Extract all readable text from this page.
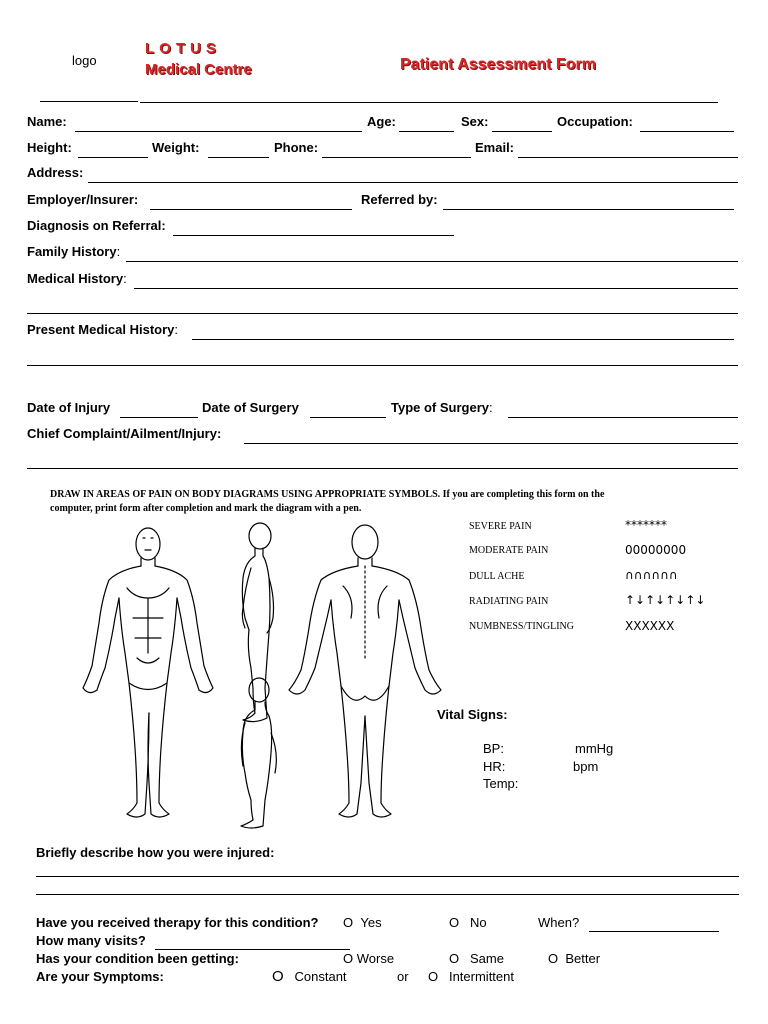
logo
LOTUS
Medical Centre	Patient Assessment Form
Name:	Age:	Sex:	Occupation:
Height:	Weight:	Phone:	Email:
Address:
Employer/Insurer:	Referred by:
Diagnosis on Referral:
Family History:
Medical History:
Present Medical History:
Date of Injury	Date of Surgery	Type of Surgery:
Chief Complaint/Ailment/Injury:
DRAW IN AREAS OF PAIN ON BODY DIAGRAMS USING APPROPRIATE SYMBOLS. If you are completing this form on the
computer, print form after completion and mark the diagram with a pen.
SEVERE PAIN	*******
MODERATE PAIN	00000000
DULL ACHE	∩∩∩∩∩∩
RADIATING PAIN	↑↓↑↓↑↓↑↓
NUMBNESS/TINGLING	XXXXXX
Vital Signs:
BP:	mmHg
HR:	bpm
Temp:
Briefly describe how you were injured:
Have you received therapy for this condition? O Yes	O No	When?
How many visits?
Has your condition been getting:	O Worse	O Same	O Better
Are your Symptoms:	O Constant	or O Intermittent
